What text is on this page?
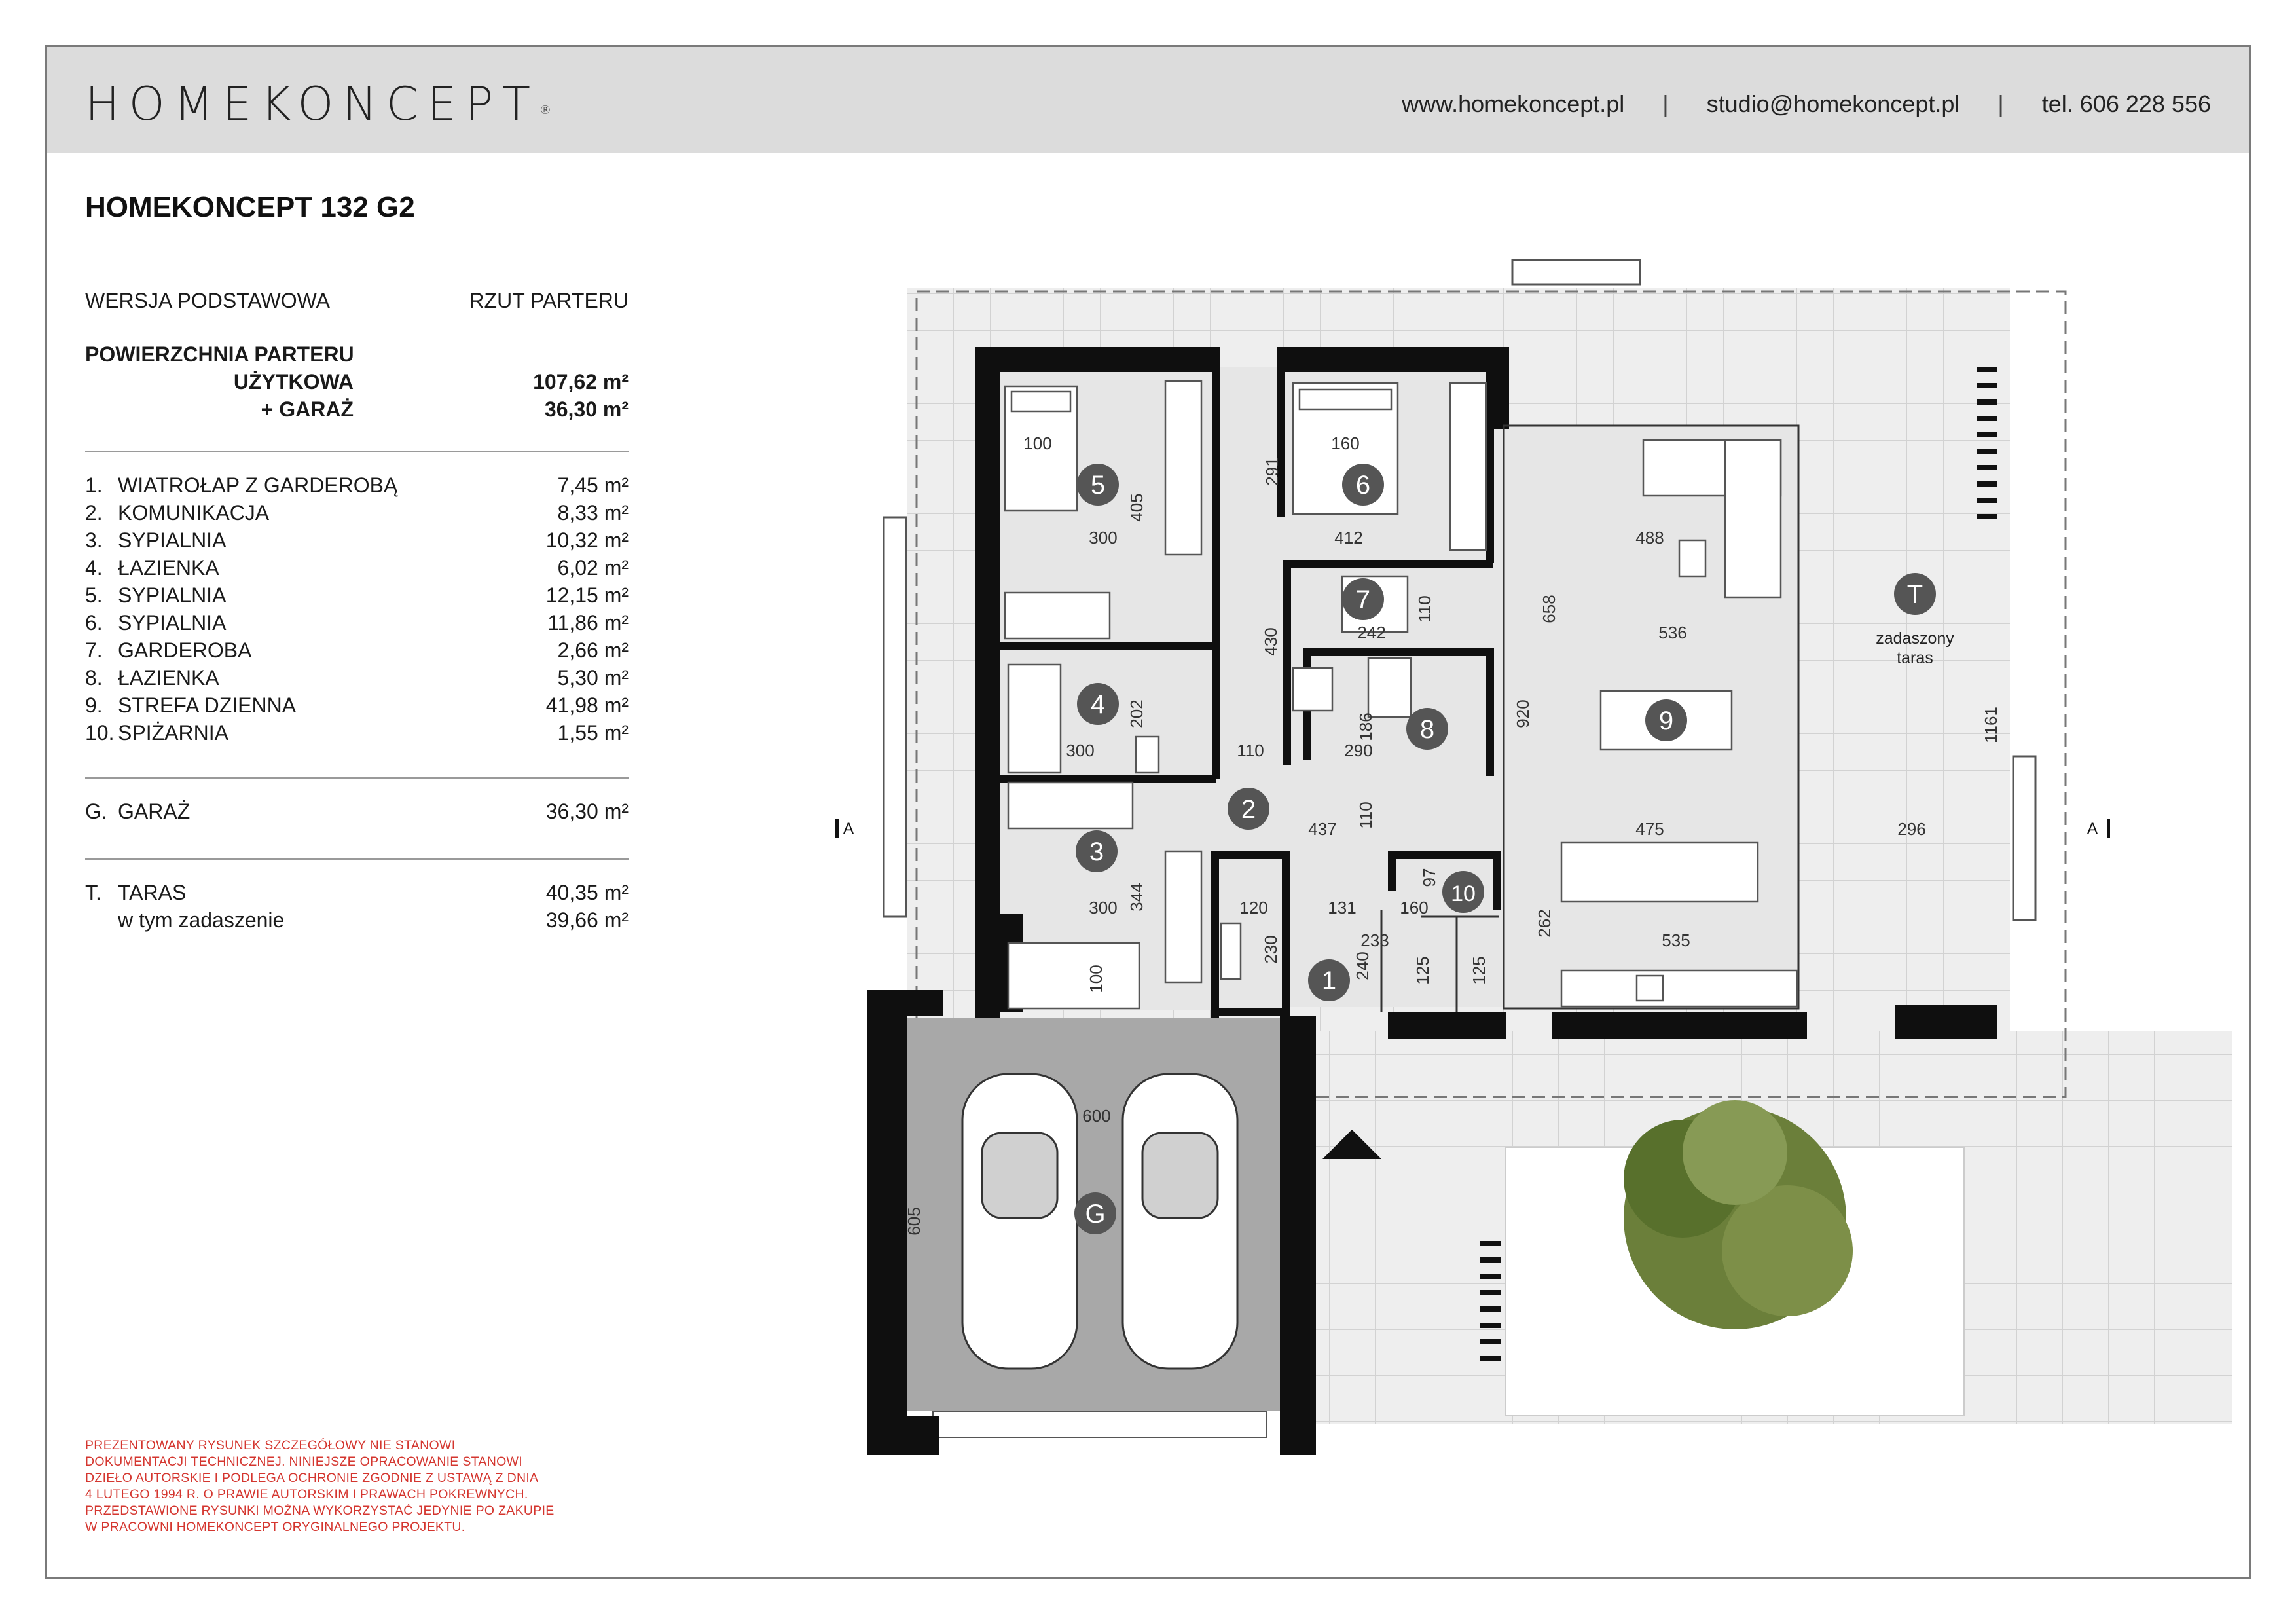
HOMEKONCEPT®	www.homekoncept.pl | studio@homekoncept.pl | tel. 606 228 556
HOMEKONCEPT 132 G2
WERSJA PODSTAWOWA	RZUT PARTERU
POWIERZCHNIA PARTERU
UŻYTKOWA	107,62 m²
+ GARAŻ	36,30 m²
1. WIATROŁAP Z GARDEROBĄ	7,45 m²
2. KOMUNIKACJA	8,33 m²
3. SYPIALNIA	10,32 m²
4. ŁAZIENKA	6,02 m²
5. SYPIALNIA	12,15 m²
6. SYPIALNIA	11,86 m²
7. GARDEROBA	2,66 m²
8. ŁAZIENKA	5,30 m²
9. STREFA DZIENNA	41,98 m²
10. SPIŻARNIA	1,55 m²
G. GARAŻ	36,30 m²
T. TARAS	40,35 m²
w tym zadaszenie	39,66 m²
PREZENTOWANY RYSUNEK SZCZEGÓŁOWY NIE STANOWI
DOKUMENTACJI TECHNICZNEJ. NINIEJSZE OPRACOWANIE STANOWI
DZIEŁO AUTORSKIE I PODLEGA OCHRONIE ZGODNIE Z USTAWĄ Z DNIA
4 LUTEGO 1994 R. O PRAWIE AUTORSKIM I PRAWACH POKREWNYCH.
PRZEDSTAWIONE RYSUNKI MOŻNA WYKORZYSTAĆ JEDYNIE PO ZAKUPIE
W PRACOWNI HOMEKONCEPT ORYGINALNEGO PROJEKTU.
A	A
1
2
3
4
5	6
7
8	9
10
G
T
zadaszony
taras
100
405
300
160
291
412	488
658
536
920	1161
242
110
430
202
300	110
186
290
437
110
475	296
300 344	120	131
97
160
262
535
233
240
230
125 125
100
600
605
